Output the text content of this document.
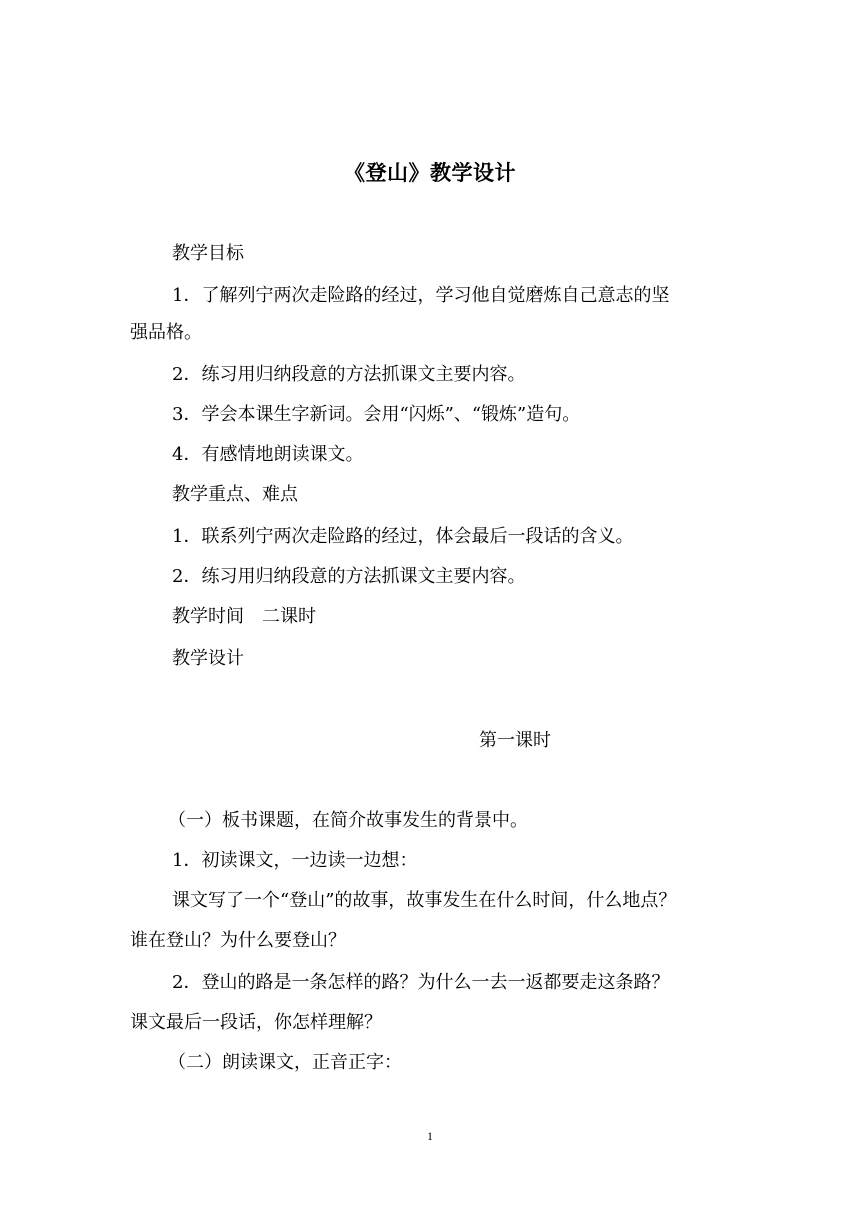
《登山》教学设计
教学目标
1．了解列宁两次走险路的经过，学习他自觉磨炼自己意志的坚
强品格。
2．练习用归纳段意的方法抓课文主要内容。
3．学会本课生字新词。会用“闪烁”、“锻炼”造句。
4．有感情地朗读课文。
教学重点、难点
1．联系列宁两次走险路的经过，体会最后一段话的含义。
2．练习用归纳段意的方法抓课文主要内容。
教学时间　二课时
教学设计
第一课时
（一）板书课题，在简介故事发生的背景中。
1．初读课文，一边读一边想：
课文写了一个“登山”的故事，故事发生在什么时间，什么地点？
谁在登山？为什么要登山？
2．登山的路是一条怎样的路？为什么一去一返都要走这条路？
课文最后一段话，你怎样理解？
（二）朗读课文，正音正字：
1
